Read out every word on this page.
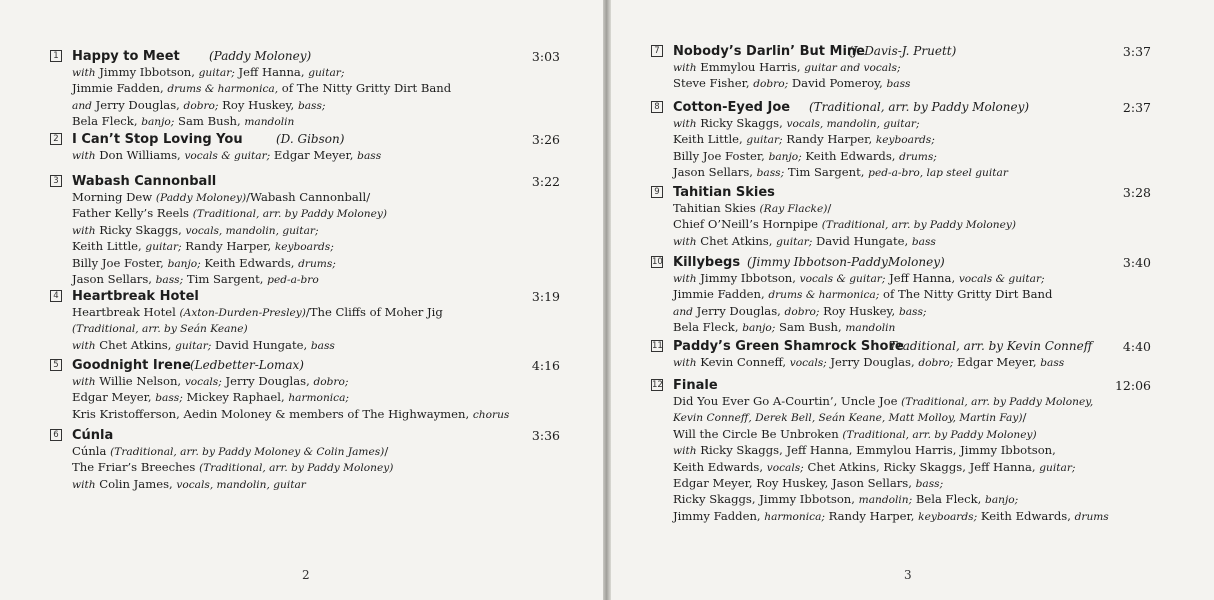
1 Happy to Meet (Paddy Moloney)	3:03
with Jimmy Ibbotson, guitar; Jeff Hanna, guitar;
Jimmie Fadden, drums & harmonica, of The Nitty Gritty Dirt Band
and Jerry Douglas, dobro; Roy Huskey, bass;
Bela Fleck, banjo; Sam Bush, mandolin
2 I Can’t Stop Loving You	(D. Gibson)	3:26
with Don Williams, vocals & guitar; Edgar Meyer, bass
3 Wabash Cannonball	3:22
Morning Dew (Paddy Moloney)/Wabash Cannonball/
Father Kelly’s Reels (Traditional, arr. by Paddy Moloney)
with Ricky Skaggs, vocals, mandolin, guitar;
Keith Little, guitar; Randy Harper, keyboards;
Billy Joe Foster, banjo; Keith Edwards, drums;
Jason Sellars, bass; Tim Sargent, ped-a-bro
4 Heartbreak Hotel	3:19
Heartbreak Hotel (Axton-Durden-Presley)/The Cliffs of Moher Jig
(Traditional, arr. by Seán Keane)
with Chet Atkins, guitar; David Hungate, bass
5 Goodnight Irene (Ledbetter-Lomax)	4:16
with Willie Nelson, vocals; Jerry Douglas, dobro;
Edgar Meyer, bass; Mickey Raphael, harmonica;
Kris Kristofferson, Aedin Moloney & members of The Highwaymen, chorus
6 Cúnla	3:36
Cúnla (Traditional, arr. by Paddy Moloney & Colin James)/
The Friar’s Breeches (Traditional, arr. by Paddy Moloney)
with Colin James, vocals, mandolin, guitar
2
7 Nobody’s Darlin’ But Mine
(J. Davis-J. Pruett)	3:37
with Emmylou Harris, guitar and vocals;
Steve Fisher, dobro; David Pomeroy, bass
8 Cotton-Eyed Joe (Traditional, arr. by Paddy Moloney)	2:37
with Ricky Skaggs, vocals, mandolin, guitar;
Keith Little, guitar; Randy Harper, keyboards;
Billy Joe Foster, banjo; Keith Edwards, drums;
Jason Sellars, bass; Tim Sargent, ped-a-bro, lap steel guitar
9 Tahitian Skies	3:28
Tahitian Skies (Ray Flacke)/
Chief O’Neill’s Hornpipe (Traditional, arr. by Paddy Moloney)
with Chet Atkins, guitar; David Hungate, bass
10 Killybegs (Jimmy Ibbotson-PaddyMoloney)	3:40
with Jimmy Ibbotson, vocals & guitar; Jeff Hanna, vocals & guitar;
Jimmie Fadden, drums & harmonica; of The Nitty Gritty Dirt Band
and Jerry Douglas, dobro; Roy Huskey, bass;
Bela Fleck, banjo; Sam Bush, mandolin
11 Paddy’s Green Shamrock Shore
Traditional, arr. by Kevin Conneff 4:40
with Kevin Conneff, vocals; Jerry Douglas, dobro; Edgar Meyer, bass
12 Finale	12:06
Did You Ever Go A-Courtin’, Uncle Joe (Traditional, arr. by Paddy Moloney,
Kevin Conneff, Derek Bell, Seán Keane, Matt Molloy, Martin Fay)/
Will the Circle Be Unbroken (Traditional, arr. by Paddy Moloney)
with Ricky Skaggs, Jeff Hanna, Emmylou Harris, Jimmy Ibbotson,
Keith Edwards, vocals; Chet Atkins, Ricky Skaggs, Jeff Hanna, guitar;
Edgar Meyer, Roy Huskey, Jason Sellars, bass;
Ricky Skaggs, Jimmy Ibbotson, mandolin; Bela Fleck, banjo;
Jimmy Fadden, harmonica; Randy Harper, keyboards; Keith Edwards, drums
3
